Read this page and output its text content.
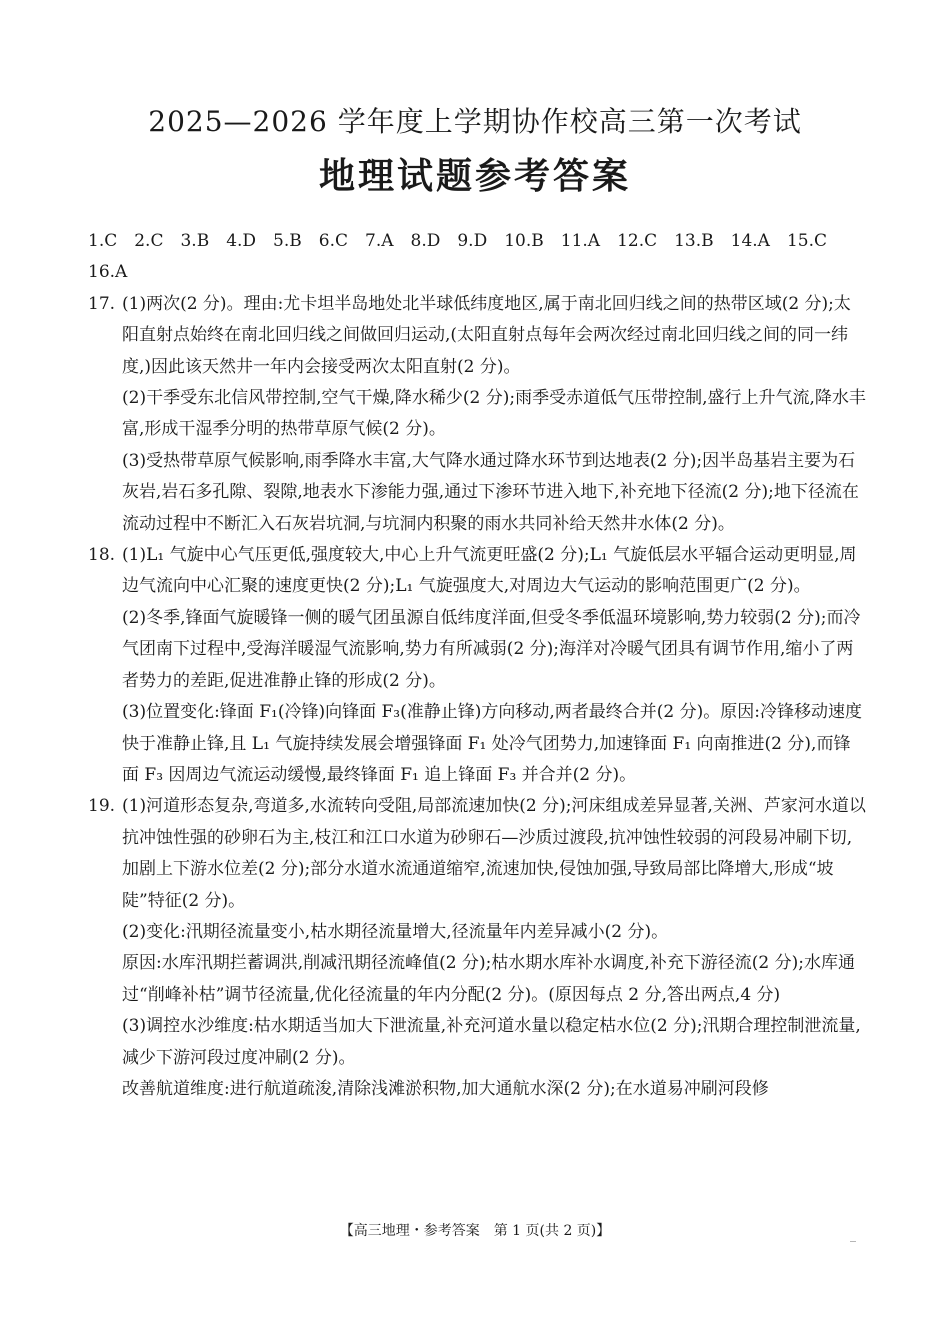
2025—2026 学年度上学期协作校高三第一次考试
地理试题参考答案
1.C 2.C 3.B 4.D 5.B 6.C 7.A 8.D 9.D 10.B 11.A 12.C 13.B 14.A 15.C
16.A
17. (1)两次(2 分)。理由:尤卡坦半岛地处北半球低纬度地区,属于南北回归线之间的热带区域(2 分);太阳直射点始终在南北回归线之间做回归运动,(太阳直射点每年会两次经过南北回归线之间的同一纬度,)因此该天然井一年内会接受两次太阳直射(2 分)。
(2)干季受东北信风带控制,空气干燥,降水稀少(2 分);雨季受赤道低气压带控制,盛行上升气流,降水丰富,形成干湿季分明的热带草原气候(2 分)。
(3)受热带草原气候影响,雨季降水丰富,大气降水通过降水环节到达地表(2 分);因半岛基岩主要为石灰岩,岩石多孔隙、裂隙,地表水下渗能力强,通过下渗环节进入地下,补充地下径流(2 分);地下径流在流动过程中不断汇入石灰岩坑洞,与坑洞内积聚的雨水共同补给天然井水体(2 分)。
18. (1)L₁ 气旋中心气压更低,强度较大,中心上升气流更旺盛(2 分);L₁ 气旋低层水平辐合运动更明显,周边气流向中心汇聚的速度更快(2 分);L₁ 气旋强度大,对周边大气运动的影响范围更广(2 分)。
(2)冬季,锋面气旋暖锋一侧的暖气团虽源自低纬度洋面,但受冬季低温环境影响,势力较弱(2 分);而冷气团南下过程中,受海洋暖湿气流影响,势力有所减弱(2 分);海洋对冷暖气团具有调节作用,缩小了两者势力的差距,促进准静止锋的形成(2 分)。
(3)位置变化:锋面 F₁(冷锋)向锋面 F₃(准静止锋)方向移动,两者最终合并(2 分)。原因:冷锋移动速度快于准静止锋,且 L₁ 气旋持续发展会增强锋面 F₁ 处冷气团势力,加速锋面 F₁ 向南推进(2 分),而锋面 F₃ 因周边气流运动缓慢,最终锋面 F₁ 追上锋面 F₃ 并合并(2 分)。
19. (1)河道形态复杂,弯道多,水流转向受阻,局部流速加快(2 分);河床组成差异显著,关洲、芦家河水道以抗冲蚀性强的砂卵石为主,枝江和江口水道为砂卵石—沙质过渡段,抗冲蚀性较弱的河段易冲刷下切,加剧上下游水位差(2 分);部分水道水流通道缩窄,流速加快,侵蚀加强,导致局部比降增大,形成“坡陡”特征(2 分)。
(2)变化:汛期径流量变小,枯水期径流量增大,径流量年内差异减小(2 分)。
原因:水库汛期拦蓄调洪,削减汛期径流峰值(2 分);枯水期水库补水调度,补充下游径流(2 分);水库通过“削峰补枯”调节径流量,优化径流量的年内分配(2 分)。(原因每点 2 分,答出两点,4 分)
(3)调控水沙维度:枯水期适当加大下泄流量,补充河道水量以稳定枯水位(2 分);汛期合理控制泄流量,减少下游河段过度冲刷(2 分)。
改善航道维度:进行航道疏浚,清除浅滩淤积物,加大通航水深(2 分);在水道易冲刷河段修
【高三地理・参考答案　第 1 页(共 2 页)】	_
